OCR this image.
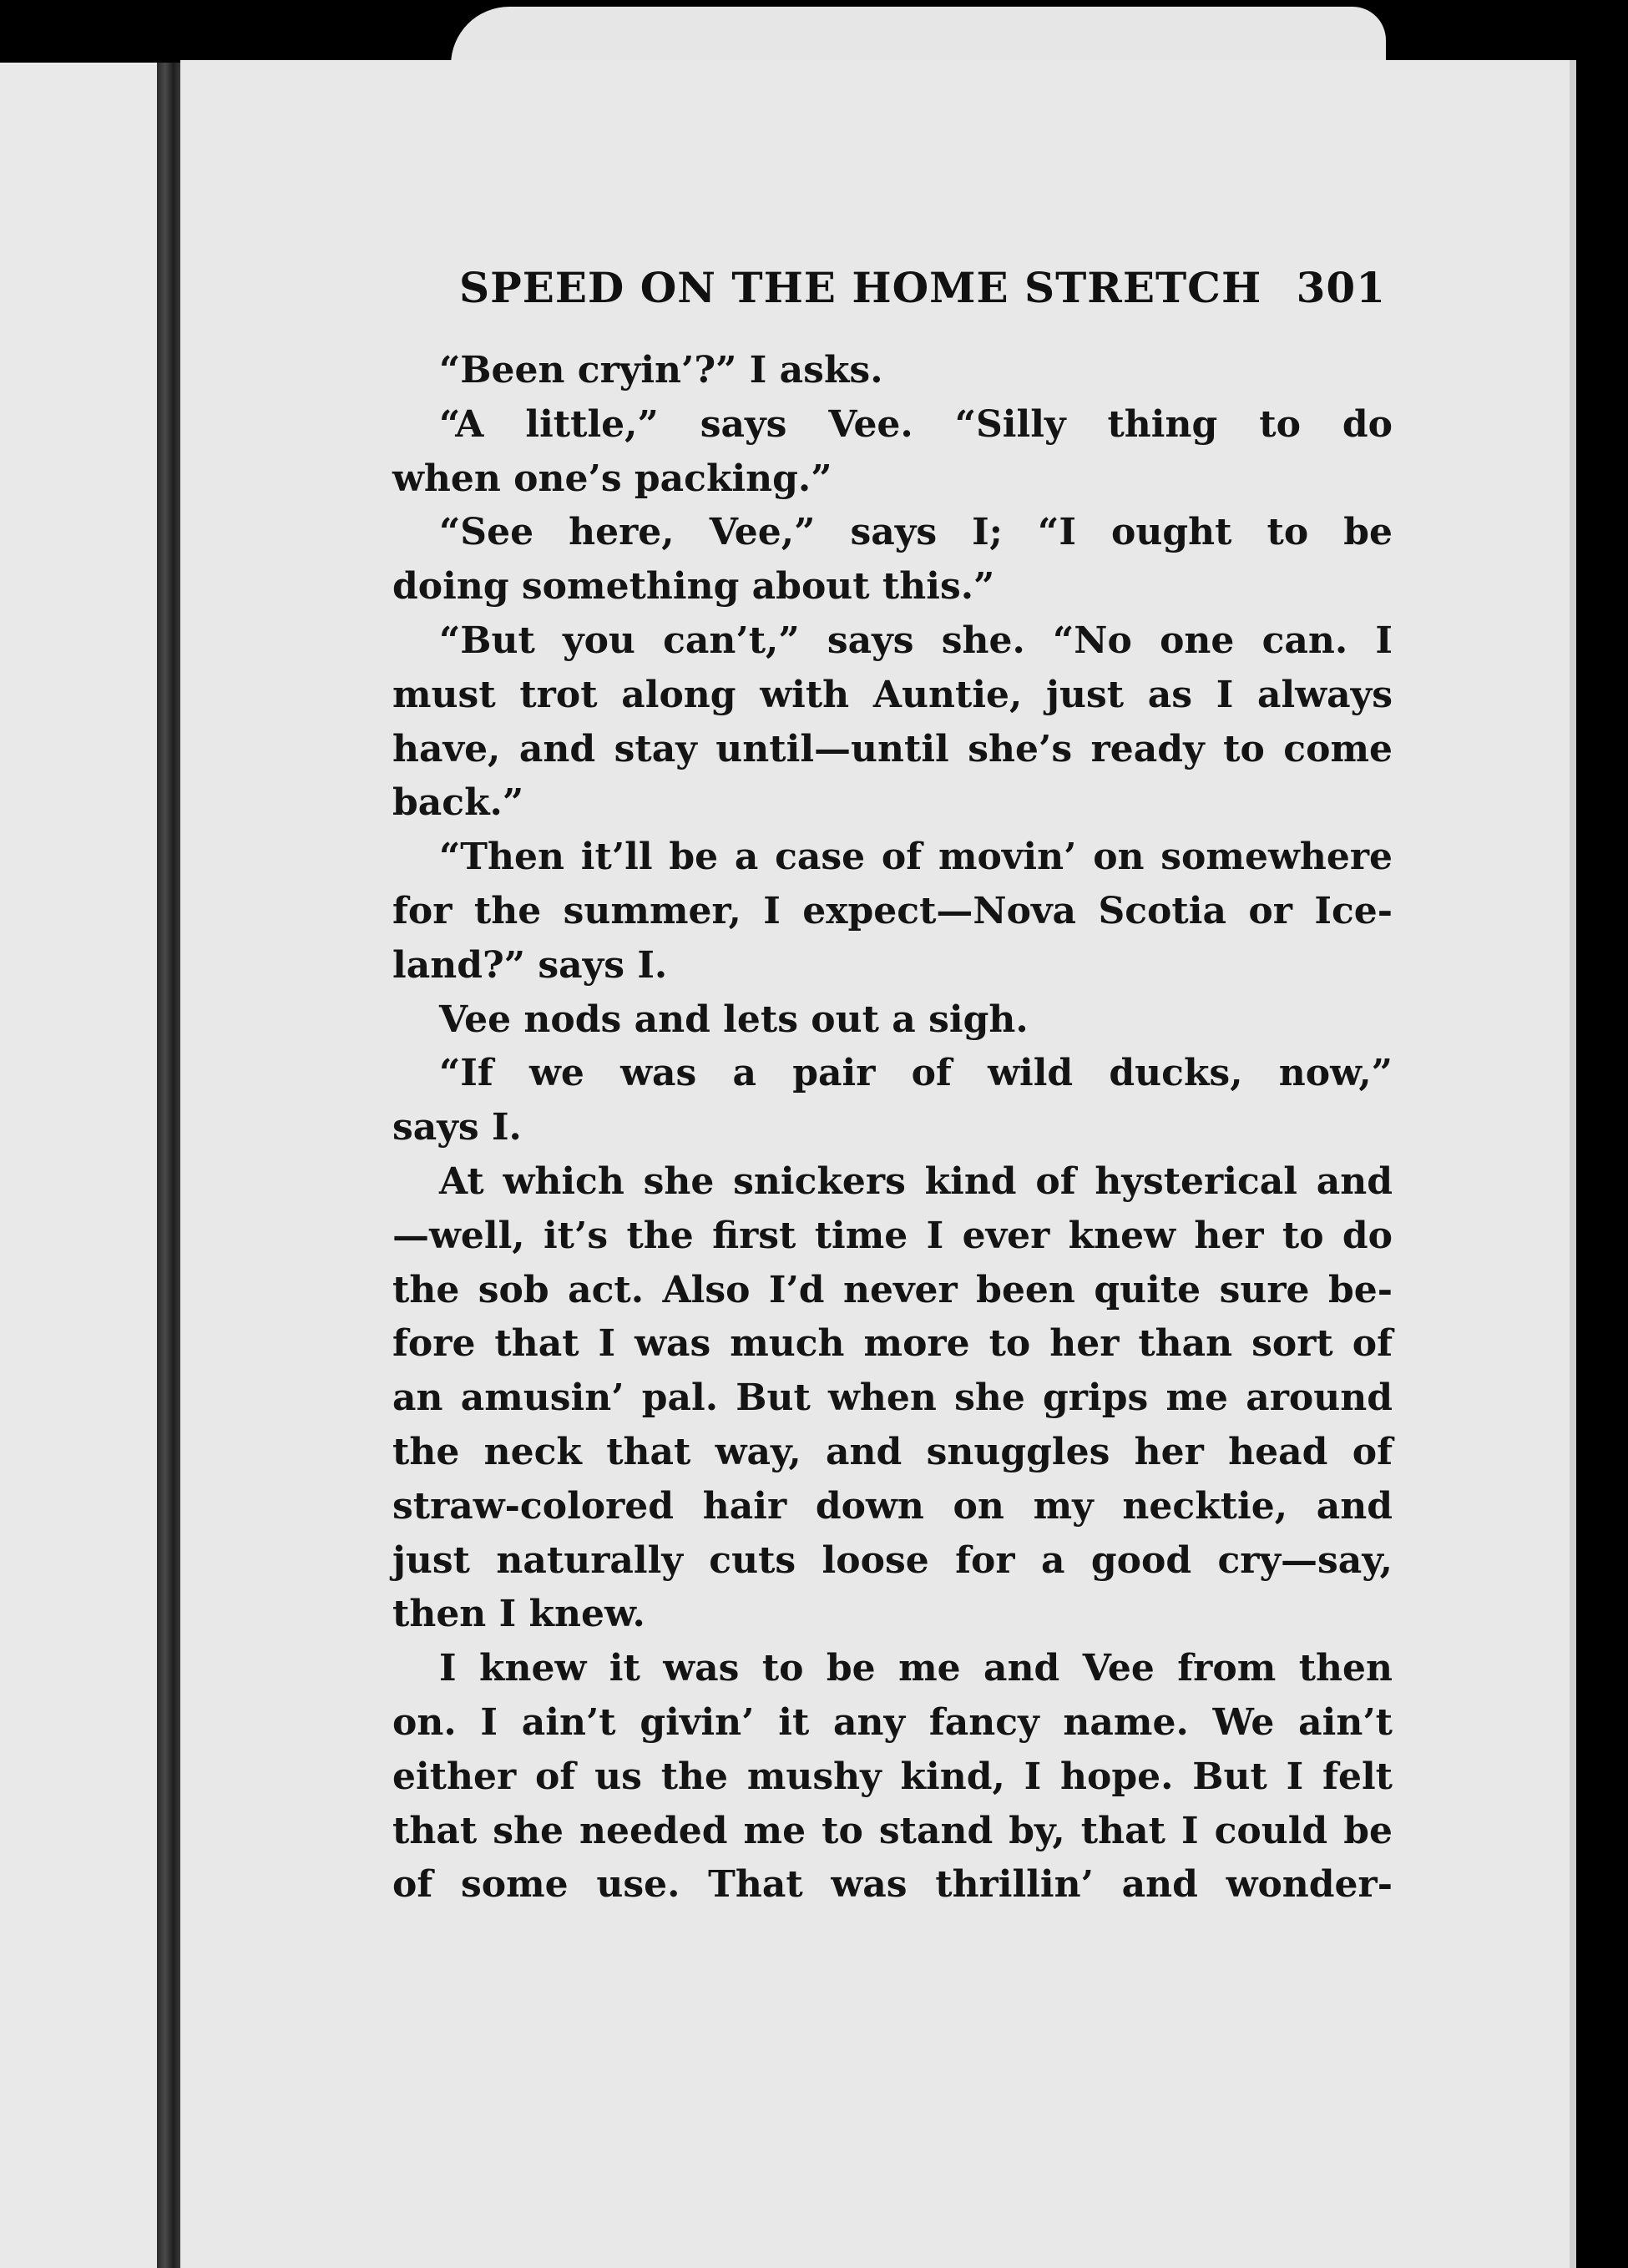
SPEED ON THE HOME STRETCH 301
“Been cryin’?” I asks.
“A little,” says Vee. “Silly thing to do
when one’s packing.”
“See here, Vee,” says I; “I ought to be
doing something about this.”
“But you can’t,” says she. “No one can. I
must trot along with Auntie, just as I always
have, and stay until—until she’s ready to come
back.”
“Then it’ll be a case of movin’ on somewhere
for the summer, I expect—Nova Scotia or Ice-
land?” says I.
Vee nods and lets out a sigh.
“If we was a pair of wild ducks, now,”
says I.
At which she snickers kind of hysterical and
—well, it’s the first time I ever knew her to do
the sob act. Also I’d never been quite sure be-
fore that I was much more to her than sort of
an amusin’ pal. But when she grips me around
the neck that way, and snuggles her head of
straw-colored hair down on my necktie, and
just naturally cuts loose for a good cry—say,
then I knew.
I knew it was to be me and Vee from then
on. I ain’t givin’ it any fancy name. We ain’t
either of us the mushy kind, I hope. But I felt
that she needed me to stand by, that I could be
of some use. That was thrillin’ and wonder-
